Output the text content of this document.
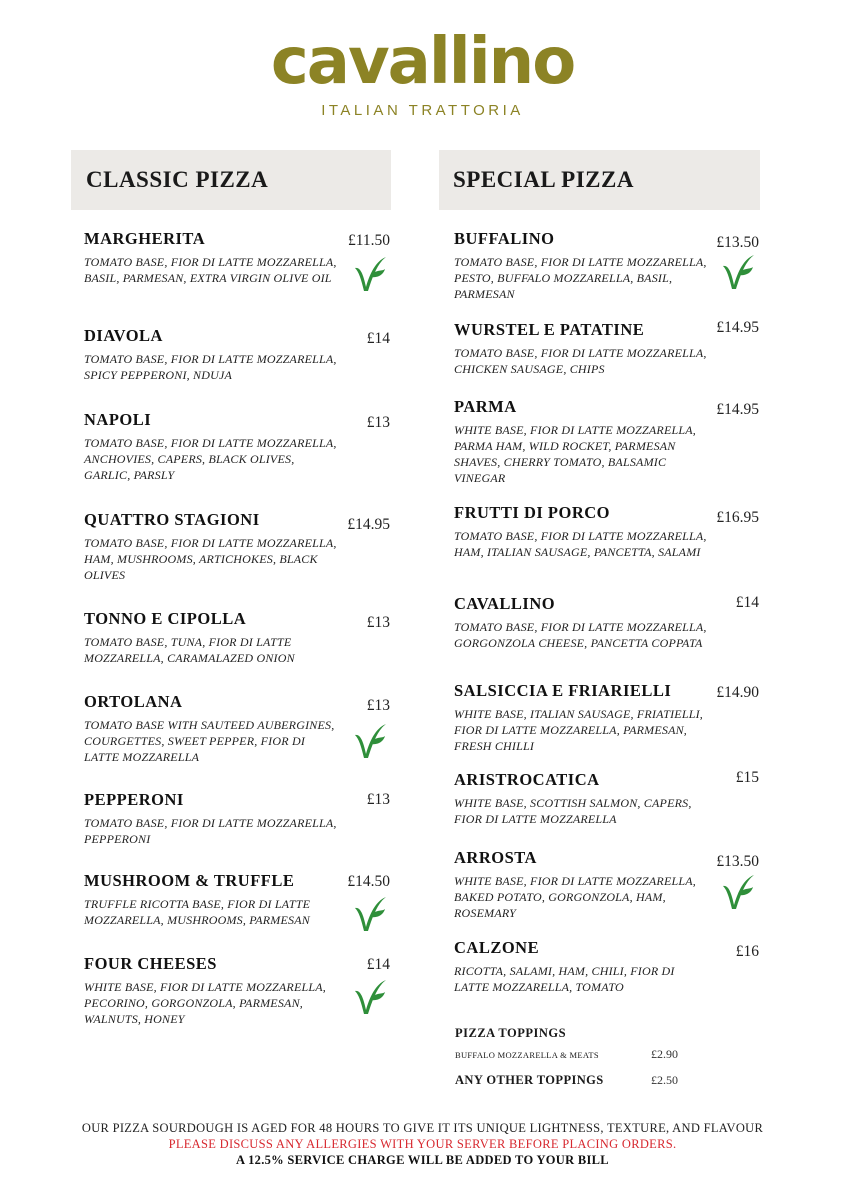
cavallino
ITALIAN TRATTORIA
CLASSIC PIZZA	SPECIAL PIZZA
MARGHERITA
TOMATO BASE, FIOR DI LATTE MOZZARELLA, BASIL, PARMESAN, EXTRA VIRGIN OLIVE OIL
£11.50
DIAVOLA
TOMATO BASE, FIOR DI LATTE MOZZARELLA, SPICY PEPPERONI, NDUJA
£14
NAPOLI
TOMATO BASE, FIOR DI LATTE MOZZARELLA, ANCHOVIES, CAPERS, BLACK OLIVES, GARLIC, PARSLY
£13
QUATTRO STAGIONI
TOMATO BASE, FIOR DI LATTE MOZZARELLA, HAM, MUSHROOMS, ARTICHOKES, BLACK OLIVES
£14.95
TONNO E CIPOLLA
TOMATO BASE, TUNA, FIOR DI LATTE MOZZARELLA, CARAMALAZED ONION
£13
ORTOLANA
TOMATO BASE WITH SAUTEED AUBERGINES, COURGETTES, SWEET PEPPER, FIOR DI LATTE MOZZARELLA
£13
PEPPERONI
TOMATO BASE, FIOR DI LATTE MOZZARELLA, PEPPERONI
£13
MUSHROOM & TRUFFLE
TRUFFLE RICOTTA BASE, FIOR DI LATTE MOZZARELLA, MUSHROOMS, PARMESAN
£14.50
FOUR CHEESES
WHITE BASE, FIOR DI LATTE MOZZARELLA, PECORINO, GORGONZOLA, PARMESAN, WALNUTS, HONEY
£14
BUFFALINO
TOMATO BASE, FIOR DI LATTE MOZZARELLA, PESTO, BUFFALO MOZZARELLA, BASIL, PARMESAN
£13.50
WURSTEL E PATATINE
TOMATO BASE, FIOR DI LATTE MOZZARELLA, CHICKEN SAUSAGE, CHIPS
£14.95
PARMA
WHITE BASE, FIOR DI LATTE MOZZARELLA, PARMA HAM, WILD ROCKET, PARMESAN SHAVES, CHERRY TOMATO, BALSAMIC VINEGAR
£14.95
FRUTTI DI PORCO
TOMATO BASE, FIOR DI LATTE MOZZARELLA, HAM, ITALIAN SAUSAGE, PANCETTA, SALAMI
£16.95
CAVALLINO
TOMATO BASE, FIOR DI LATTE MOZZARELLA, GORGONZOLA CHEESE, PANCETTA COPPATA
£14
SALSICCIA E FRIARIELLI
WHITE BASE, ITALIAN SAUSAGE, FRIATIELLI, FIOR DI LATTE MOZZARELLA, PARMESAN, FRESH CHILLI
£14.90
ARISTROCATICA
WHITE BASE, SCOTTISH SALMON, CAPERS, FIOR DI LATTE MOZZARELLA
£15
ARROSTA
WHITE BASE, FIOR DI LATTE MOZZARELLA, BAKED POTATO, GORGONZOLA, HAM, ROSEMARY
£13.50
CALZONE
RICOTTA, SALAMI, HAM, CHILI, FIOR DI LATTE MOZZARELLA, TOMATO
£16
PIZZA TOPPINGS
BUFFALO MOZZARELLA & MEATS	£2.90
ANY OTHER TOPPINGS	£2.50
OUR PIZZA SOURDOUGH IS AGED FOR 48 HOURS TO GIVE IT ITS UNIQUE LIGHTNESS, TEXTURE, AND FLAVOUR
PLEASE DISCUSS ANY ALLERGIES WITH YOUR SERVER BEFORE PLACING ORDERS.
A 12.5% SERVICE CHARGE WILL BE ADDED TO YOUR BILL
